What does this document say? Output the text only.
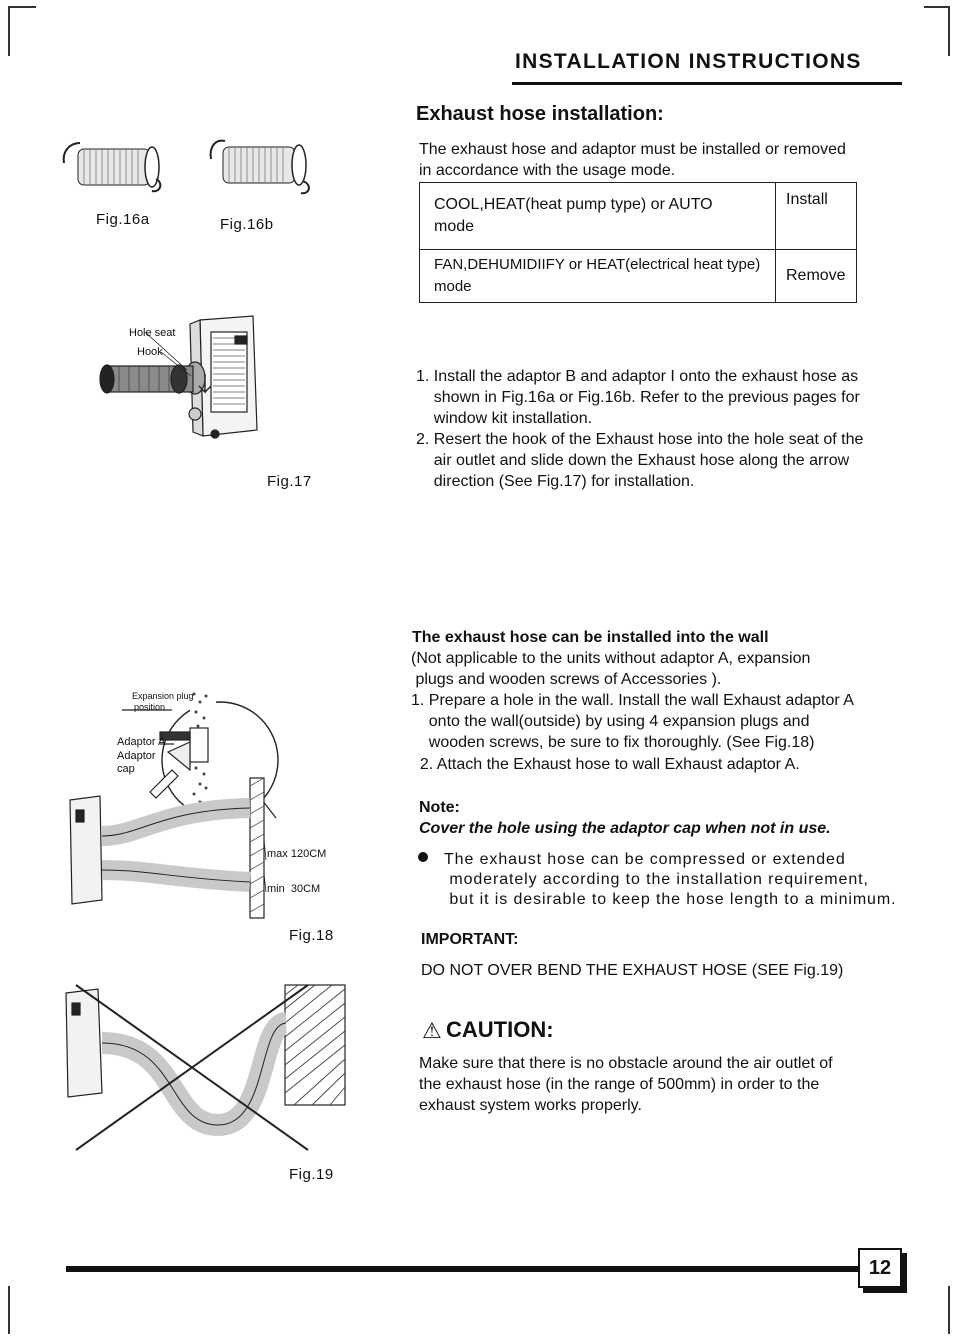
INSTALLATION INSTRUCTIONS
Exhaust hose installation:
The exhaust hose and adaptor must be installed or removed
in accordance with the usage mode.
COOL,HEAT(heat pump type) or AUTO
mode	Install

FAN,DEHUMIDIIFY or HEAT(electrical heat type)
mode	Remove
Fig.16a	Fig.16b
Hole seat
Hook
Fig.17
1. Install the adaptor B and adaptor I onto the exhaust hose as
shown in Fig.16a or Fig.16b. Refer to the previous pages for
window kit installation.
2. Resert the hook of the Exhaust hose into the hole seat of the
air outlet and slide down the Exhaust hose along the arrow
direction (See Fig.17) for installation.
Expansion plug
position
Adaptor A
Adaptor
cap
max 120CM
min  30CM
Fig.18
The exhaust hose can be installed into the wall
(Not applicable to the units without adaptor A, expansion
plugs and wooden screws of Accessories ).
1. Prepare a hole in the wall. Install the wall Exhaust adaptor A
onto the wall(outside) by using 4 expansion plugs and
wooden screws, be sure to fix thoroughly. (See Fig.18)
2. Attach the Exhaust hose to wall Exhaust adaptor A.
Note:
Cover the hole using the adaptor cap when not in use.
The exhaust hose can be compressed or extended
moderately according to the installation requirement,
but it is desirable to keep the hose length to a minimum.
IMPORTANT:
DO NOT OVER BEND THE EXHAUST HOSE (SEE Fig.19)
Fig.19
⚠ CAUTION:
Make sure that there is no obstacle around the air outlet of
the exhaust hose (in the range of 500mm) in order to the
exhaust system works properly.
12
